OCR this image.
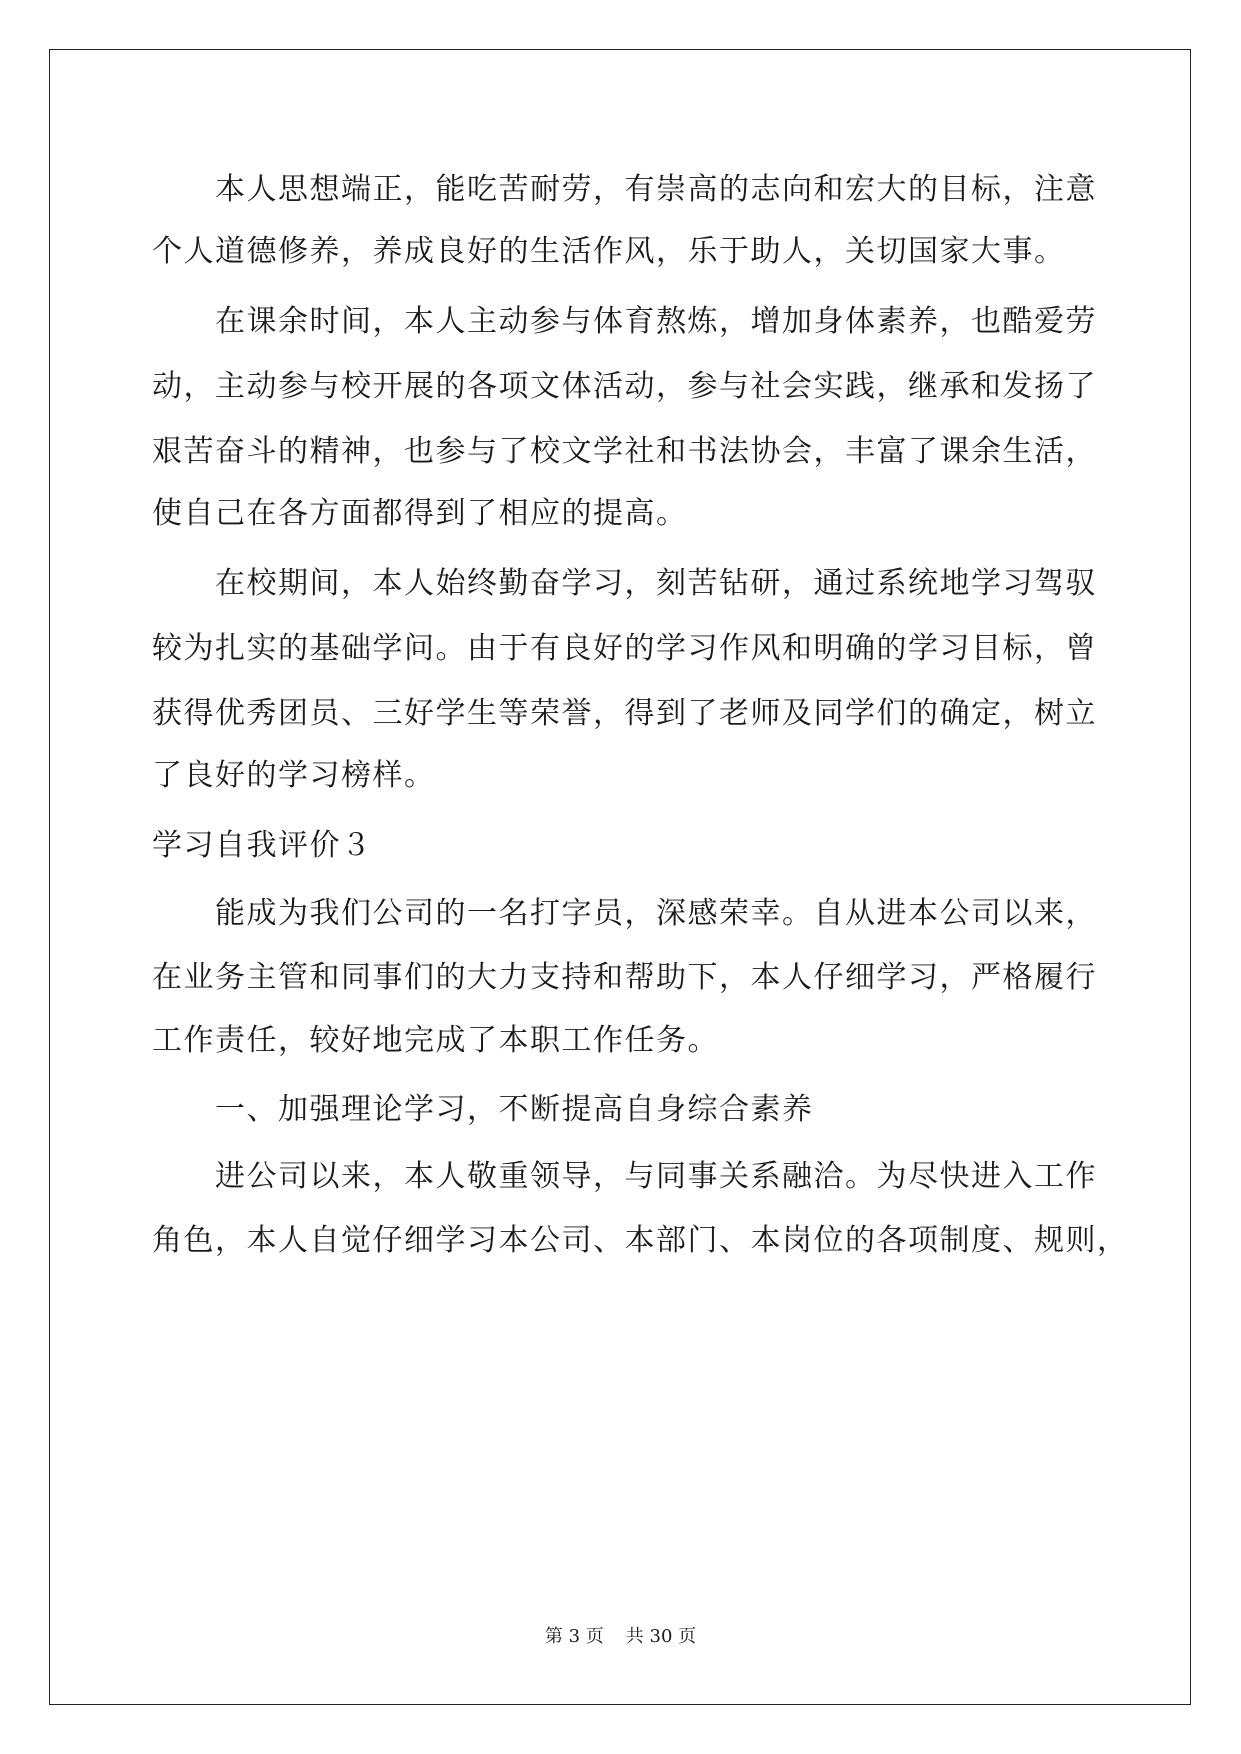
本人思想端正，能吃苦耐劳，有崇高的志向和宏大的目标，注意
个人道德修养，养成良好的生活作风，乐于助人，关切国家大事。
在课余时间，本人主动参与体育熬炼，增加身体素养，也酷爱劳
动，主动参与校开展的各项文体活动，参与社会实践，继承和发扬了
艰苦奋斗的精神，也参与了校文学社和书法协会，丰富了课余生活，
使自己在各方面都得到了相应的提高。
在校期间，本人始终勤奋学习，刻苦钻研，通过系统地学习驾驭
较为扎实的基础学问。由于有良好的学习作风和明确的学习目标，曾
获得优秀团员、三好学生等荣誉，得到了老师及同学们的确定，树立
了良好的学习榜样。
学习自我评价３
能成为我们公司的一名打字员，深感荣幸。自从进本公司以来，
在业务主管和同事们的大力支持和帮助下，本人仔细学习，严格履行
工作责任，较好地完成了本职工作任务。
一、加强理论学习，不断提高自身综合素养
进公司以来，本人敬重领导，与同事关系融洽。为尽快进入工作
角色，本人自觉仔细学习本公司、本部门、本岗位的各项制度、规则，
第 3 页 共 30 页
